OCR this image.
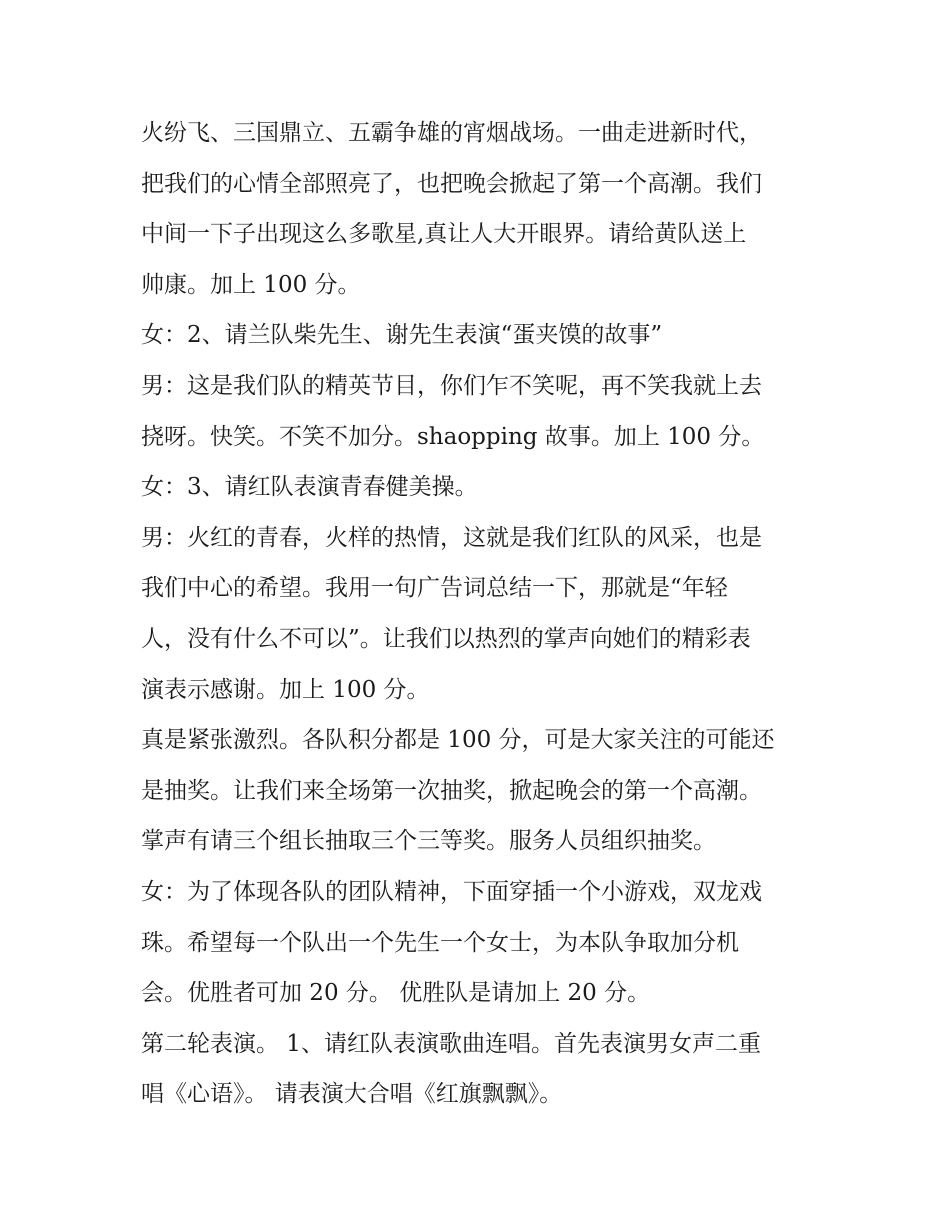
火纷飞、三国鼎立、五霸争雄的宵烟战场。一曲走进新时代，
把我们的心情全部照亮了，也把晚会掀起了第一个高潮。我们
中间一下子出现这么多歌星,真让人大开眼界。请给黄队送上
帅康。加上 100 分。
女：2、请兰队柴先生、谢先生表演“蛋夹馍的故事”
男：这是我们队的精英节目，你们乍不笑呢，再不笑我就上去
挠呀。快笑。不笑不加分。shaopping 故事。加上 100 分。
女：3、请红队表演青春健美操。
男：火红的青春，火样的热情，这就是我们红队的风采，也是
我们中心的希望。我用一句广告词总结一下，那就是“年轻
人，没有什么不可以”。让我们以热烈的掌声向她们的精彩表
演表示感谢。加上 100 分。
真是紧张激烈。各队积分都是 100 分，可是大家关注的可能还
是抽奖。让我们来全场第一次抽奖，掀起晚会的第一个高潮。
掌声有请三个组长抽取三个三等奖。服务人员组织抽奖。
女：为了体现各队的团队精神，下面穿插一个小游戏，双龙戏
珠。希望每一个队出一个先生一个女士，为本队争取加分机
会。优胜者可加 20 分。 优胜队是请加上 20 分。
第二轮表演。 1、请红队表演歌曲连唱。首先表演男女声二重
唱《心语》。 请表演大合唱《红旗飘飘》。
